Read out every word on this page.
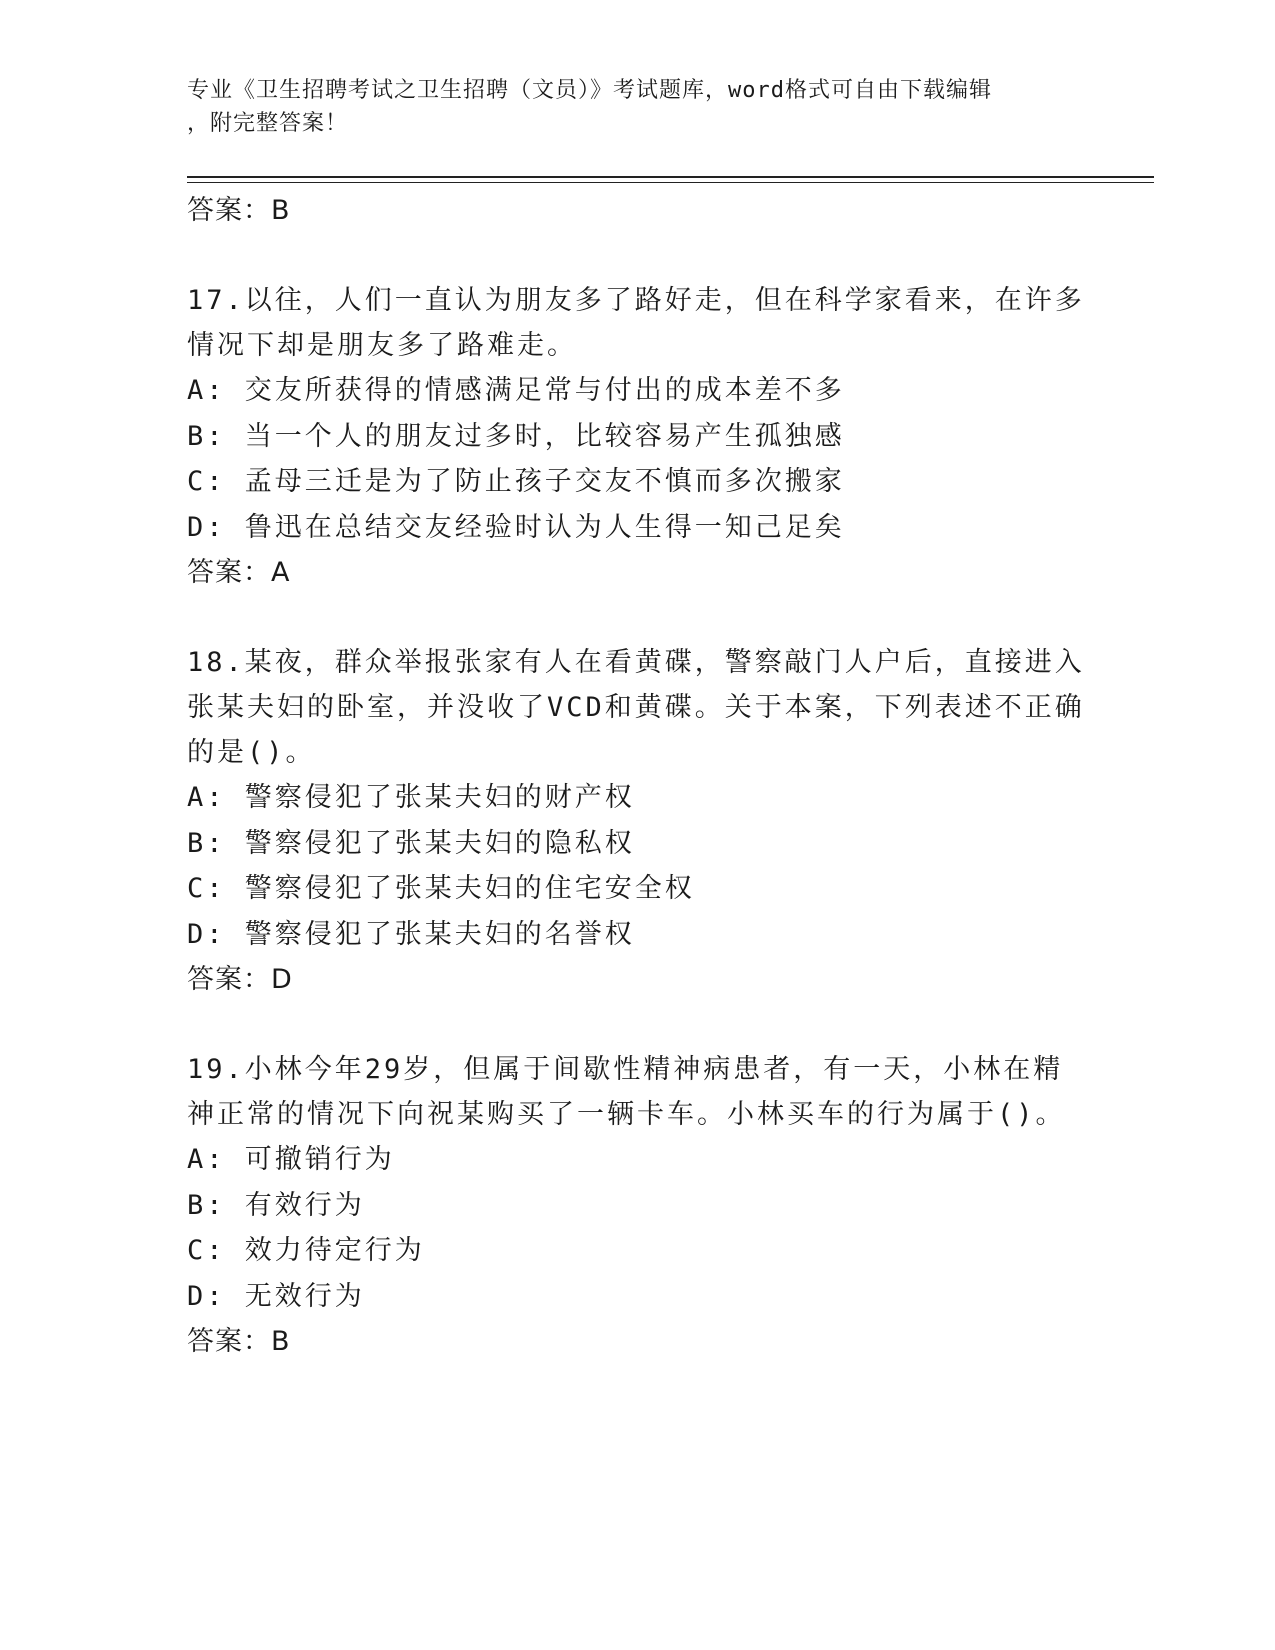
专业《卫生招聘考试之卫生招聘（文员）》考试题库，word格式可自由下载编辑
，附完整答案！
答案：B
17.以往，人们一直认为朋友多了路好走，但在科学家看来，在许多情况下却是朋友多了路难走。
A: 交友所获得的情感满足常与付出的成本差不多
B: 当一个人的朋友过多时，比较容易产生孤独感
C: 孟母三迁是为了防止孩子交友不慎而多次搬家
D: 鲁迅在总结交友经验时认为人生得一知己足矣
答案：A
18.某夜，群众举报张家有人在看黄碟，警察敲门人户后，直接进入张某夫妇的卧室，并没收了VCD和黄碟。关于本案，下列表述不正确的是()。
A: 警察侵犯了张某夫妇的财产权
B: 警察侵犯了张某夫妇的隐私权
C: 警察侵犯了张某夫妇的住宅安全权
D: 警察侵犯了张某夫妇的名誉权
答案：D
19.小林今年29岁，但属于间歇性精神病患者，有一天，小林在精神正常的情况下向祝某购买了一辆卡车。小林买车的行为属于()。
A: 可撤销行为
B: 有效行为
C: 效力待定行为
D: 无效行为
答案：B
